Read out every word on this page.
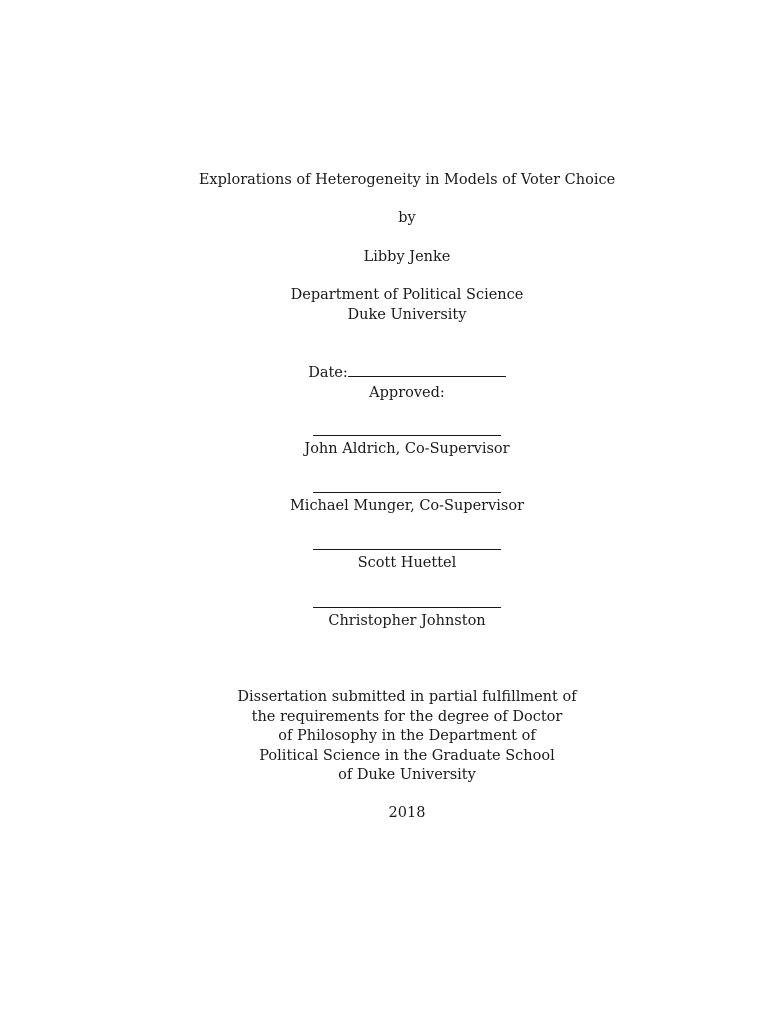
Explorations of Heterogeneity in Models of Voter Choice
by
Libby Jenke
Department of Political Science
Duke University
Date:
Approved:
John Aldrich, Co-Supervisor
Michael Munger, Co-Supervisor
Scott Huettel
Christopher Johnston
Dissertation submitted in partial fulfillment of
the requirements for the degree of Doctor
of Philosophy in the Department of
Political Science in the Graduate School
of Duke University
2018
